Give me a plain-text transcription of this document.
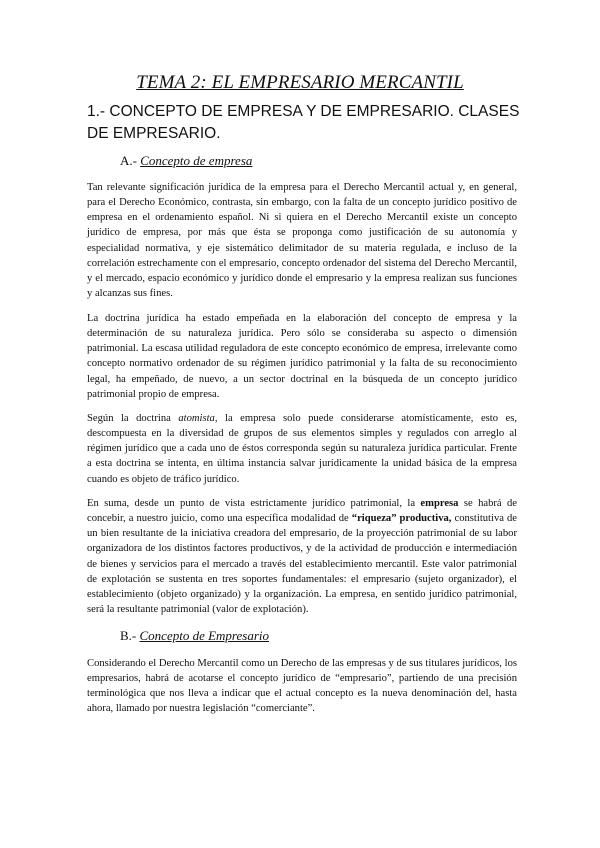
TEMA 2: EL EMPRESARIO MERCANTIL
1.- CONCEPTO DE EMPRESA Y DE EMPRESARIO. CLASES DE EMPRESARIO.
A.- Concepto de empresa

Tan relevante significación jurídica de la empresa para el Derecho Mercantil actual y, en general, para el Derecho Económico, contrasta, sin embargo, con la falta de un concepto jurídico positivo de empresa en el ordenamiento español. Ni si quiera en el Derecho Mercantil existe un concepto jurídico de empresa, por más que ésta se proponga como justificación de su autonomía y especialidad normativa, y eje sistemático delimitador de su materia regulada, e incluso de la correlación estrechamente con el empresario, concepto ordenador del sistema del Derecho Mercantil, y el mercado, espacio económico y jurídico donde el empresario y la empresa realizan sus funciones y alcanzas sus fines.

La doctrina jurídica ha estado empeñada en la elaboración del concepto de empresa y la determinación de su naturaleza jurídica. Pero sólo se consideraba su aspecto o dimensión patrimonial. La escasa utilidad reguladora de este concepto económico de empresa, irrelevante como concepto normativo ordenador de su régimen jurídico patrimonial y la falta de su reconocimiento legal, ha empeñado, de nuevo, a un sector doctrinal en la búsqueda de un concepto jurídico patrimonial propio de empresa.

Según la doctrina atomista, la empresa solo puede considerarse atomísticamente, esto es, descompuesta en la diversidad de grupos de sus elementos simples y regulados con arreglo al régimen jurídico que a cada uno de éstos corresponda según su naturaleza jurídica particular. Frente a esta doctrina se intenta, en última instancia salvar jurídicamente la unidad básica de la empresa cuando es objeto de tráfico jurídico.

En suma, desde un punto de vista estrictamente jurídico patrimonial, la empresa se habrá de concebir, a nuestro juicio, como una específica modalidad de “riqueza” productiva, constitutiva de un bien resultante de la iniciativa creadora del empresario, de la proyección patrimonial de su labor organizadora de los distintos factores productivos, y de la actividad de producción e intermediación de bienes y servicios para el mercado a través del establecimiento mercantil. Este valor patrimonial de explotación se sustenta en tres soportes fundamentales: el empresario (sujeto organizador), el establecimiento (objeto organizado) y la organización. La empresa, en sentido jurídico patrimonial, será la resultante patrimonial (valor de explotación).

B.- Concepto de Empresario

Considerando el Derecho Mercantil como un Derecho de las empresas y de sus titulares jurídicos, los empresarios, habrá de acotarse el concepto jurídico de “empresario”, partiendo de una precisión terminológica que nos lleva a indicar que el actual concepto es la nueva denominación del, hasta ahora, llamado por nuestra legislación “comerciante”.
